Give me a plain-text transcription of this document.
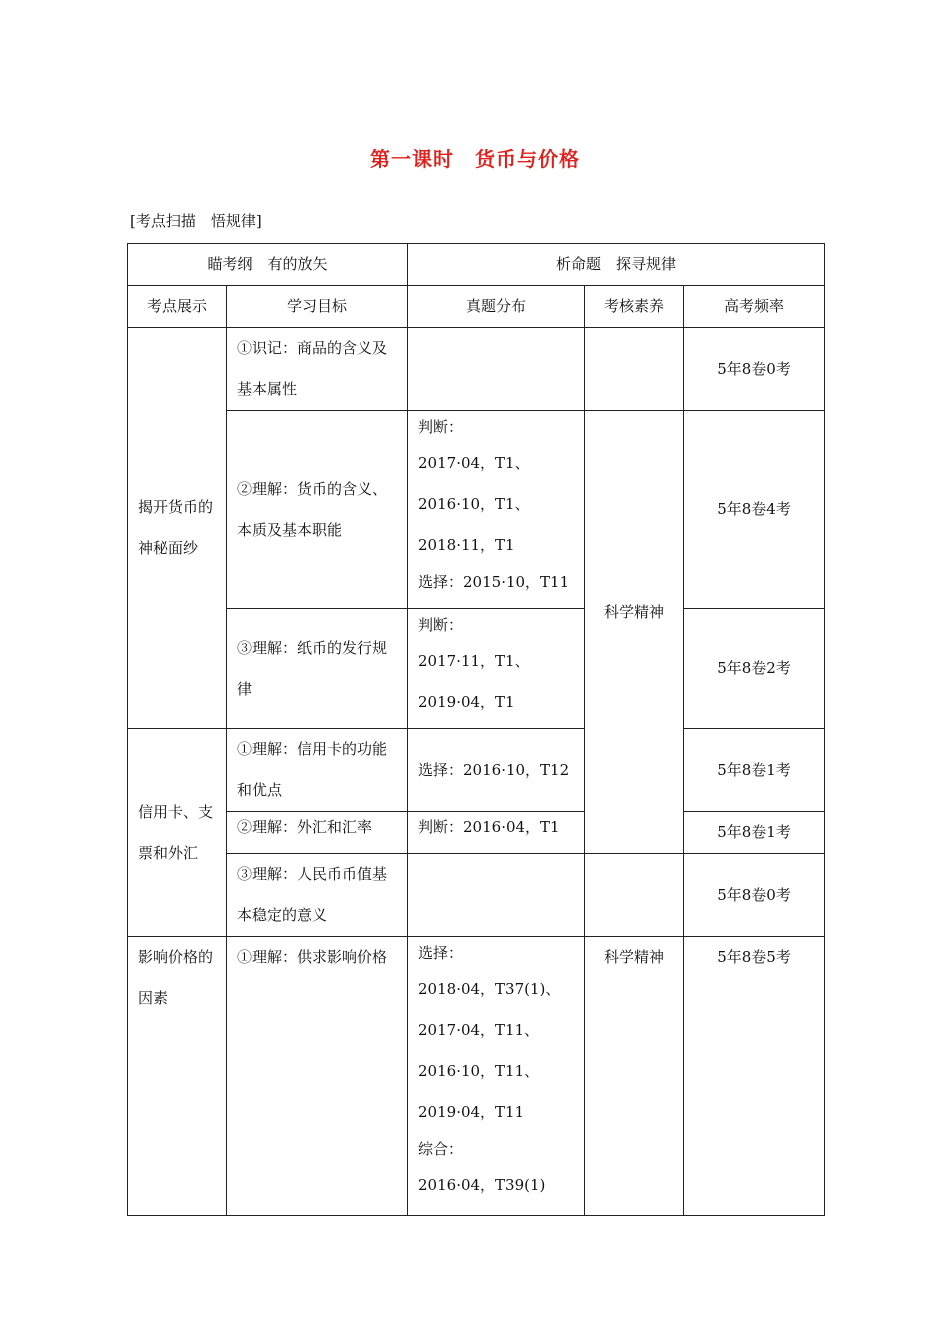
第一课时　货币与价格
[考点扫描　悟规律]
瞄考纲　有的放矢		析命题　探寻规律		
考点展示	学习目标	真题分布	考核素养	高考频率
揭开货币的神秘面纱	①识记：商品的含义及基本属性			5年8卷0考
	②理解：货币的含义、本质及基本职能	判断：
2017·04，T1、2016·10，T1、2018·11，T1
选择：2015·10，T11	科学精神	5年8卷4考
	③理解：纸币的发行规律	判断：
2017·11，T1、2019·04，T1		5年8卷2考
信用卡、支票和外汇	①理解：信用卡的功能和优点	选择：2016·10，T12		5年8卷1考
	②理解：外汇和汇率	判断：2016·04，T1		5年8卷1考
	③理解：人民币币值基本稳定的意义			5年8卷0考
影响价格的因素	①理解：供求影响价格	选择：
2018·04，T37(1)、2017·04，T11、2016·10，T11、2019·04，T11
综合：
2016·04，T39(1)	科学精神	5年8卷5考
